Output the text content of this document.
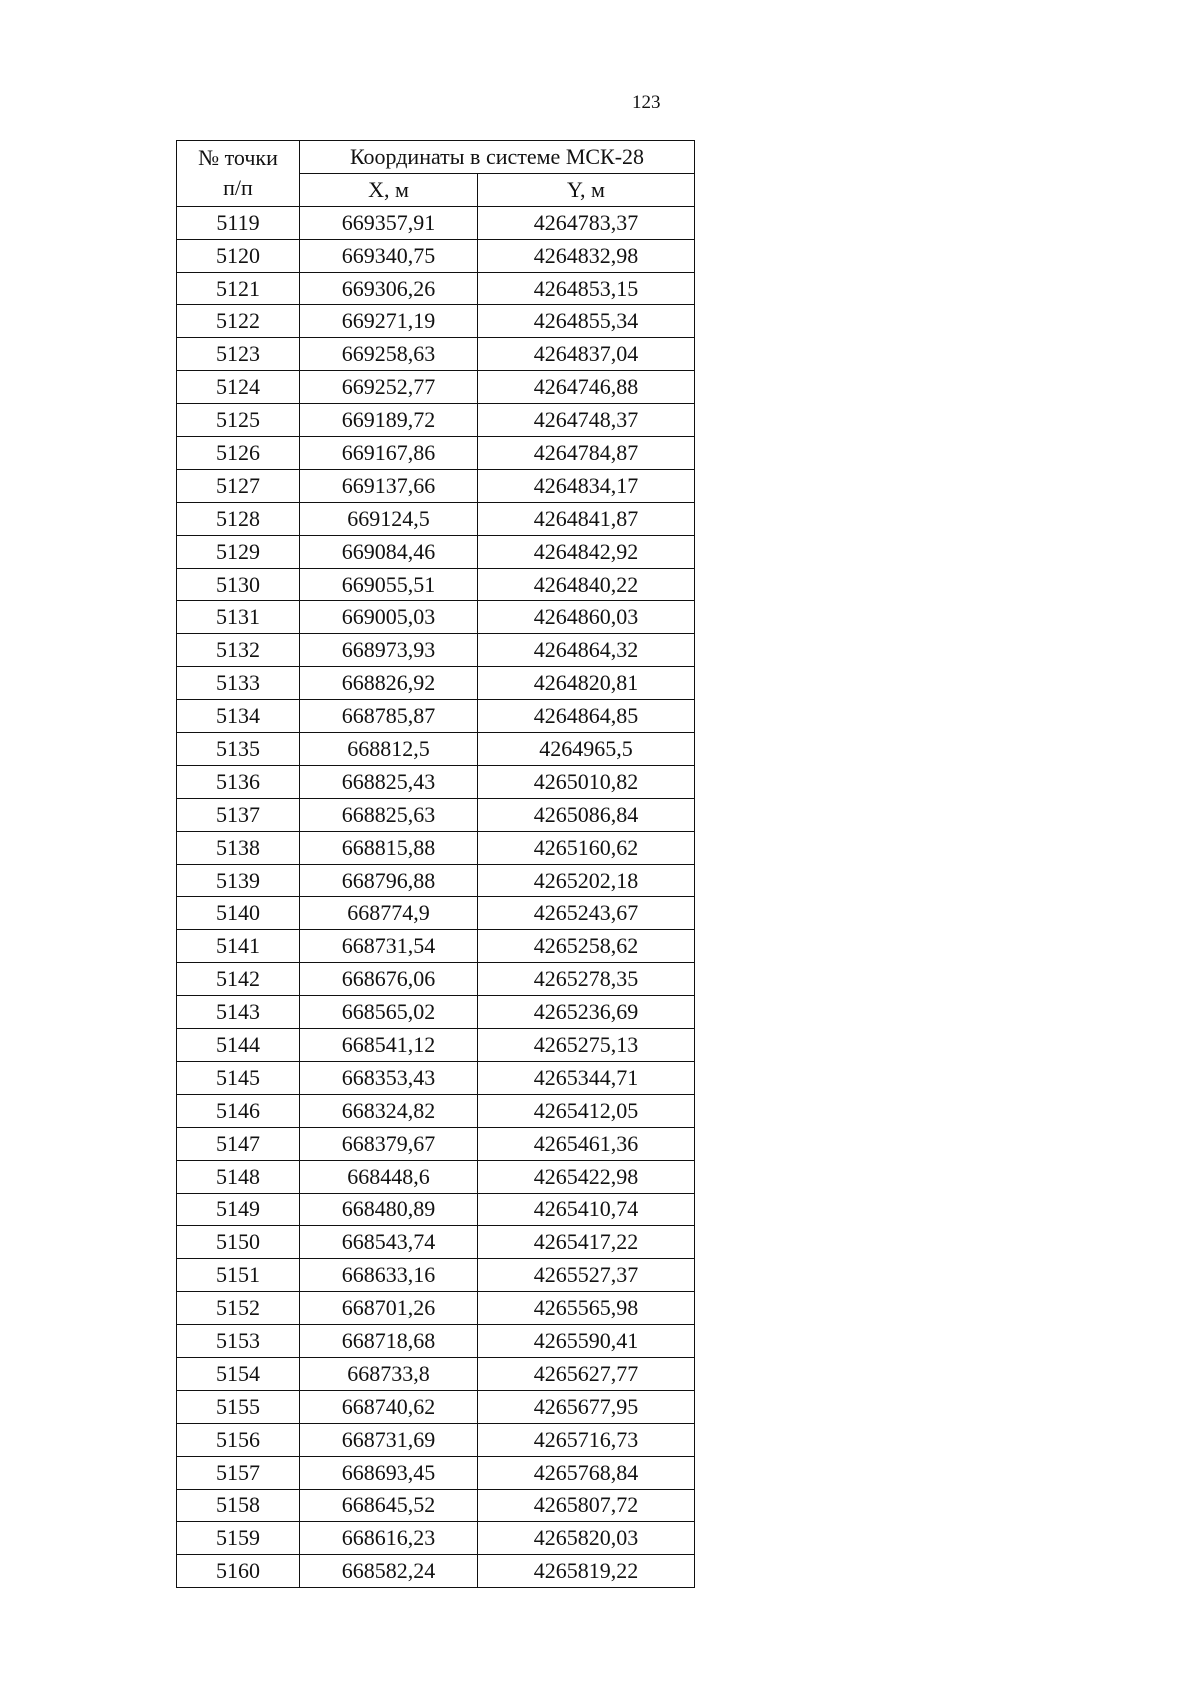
123
№ точки
п/п	Координаты в системе МСК-28	
	X, м	Y, м
5119	669357,91	4264783,37
5120	669340,75	4264832,98
5121	669306,26	4264853,15
5122	669271,19	4264855,34
5123	669258,63	4264837,04
5124	669252,77	4264746,88
5125	669189,72	4264748,37
5126	669167,86	4264784,87
5127	669137,66	4264834,17
5128	669124,5	4264841,87
5129	669084,46	4264842,92
5130	669055,51	4264840,22
5131	669005,03	4264860,03
5132	668973,93	4264864,32
5133	668826,92	4264820,81
5134	668785,87	4264864,85
5135	668812,5	4264965,5
5136	668825,43	4265010,82
5137	668825,63	4265086,84
5138	668815,88	4265160,62
5139	668796,88	4265202,18
5140	668774,9	4265243,67
5141	668731,54	4265258,62
5142	668676,06	4265278,35
5143	668565,02	4265236,69
5144	668541,12	4265275,13
5145	668353,43	4265344,71
5146	668324,82	4265412,05
5147	668379,67	4265461,36
5148	668448,6	4265422,98
5149	668480,89	4265410,74
5150	668543,74	4265417,22
5151	668633,16	4265527,37
5152	668701,26	4265565,98
5153	668718,68	4265590,41
5154	668733,8	4265627,77
5155	668740,62	4265677,95
5156	668731,69	4265716,73
5157	668693,45	4265768,84
5158	668645,52	4265807,72
5159	668616,23	4265820,03
5160	668582,24	4265819,22
